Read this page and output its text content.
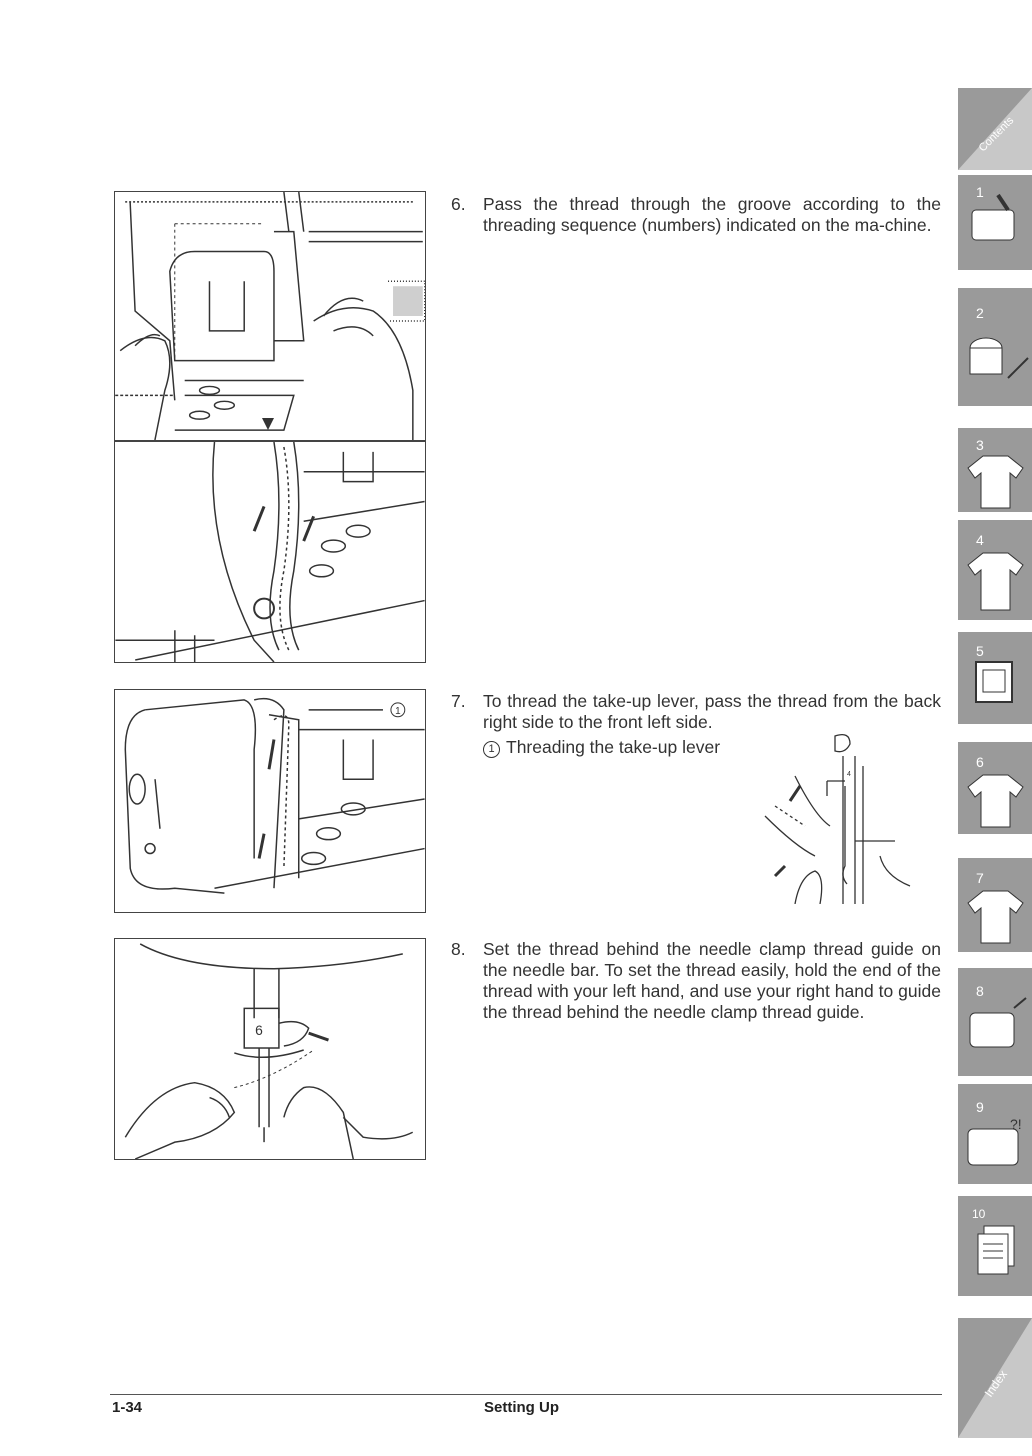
1
6
6. Pass the thread through the groove according to the threading sequence (numbers) indicated on the ma-chine.
7. To thread the take-up lever, pass the thread from the back right side to the front left side.
1 Threading the take-up lever
4
8. Set the thread behind the needle clamp thread guide on the needle bar. To set the thread easily, hold the end of the thread with your left hand, and use your right hand to guide the thread behind the needle clamp thread guide.
Contents
1
2
3
4
5
6
7
8
?!
9
10
Index
1-34	Setting Up
